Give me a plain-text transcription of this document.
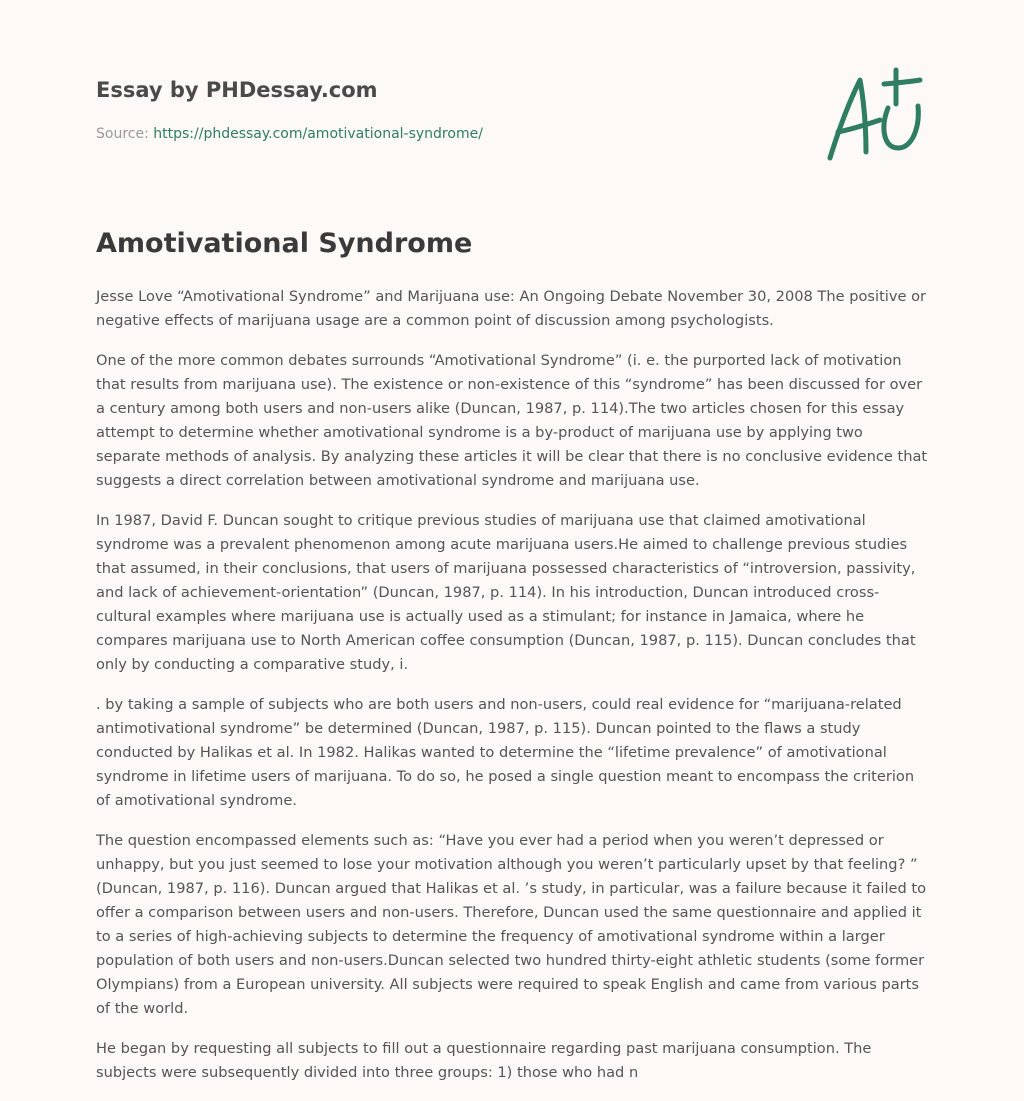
Essay by PHDessay.com
Source: https://phdessay.com/amotivational-syndrome/
Amotivational Syndrome

Jesse Love “Amotivational Syndrome” and Marijuana use: An Ongoing Debate November 30, 2008 The positive or negative effects of marijuana usage are a common point of discussion among psychologists.

One of the more common debates surrounds “Amotivational Syndrome” (i. e. the purported lack of motivation that results from marijuana use). The existence or non-existence of this “syndrome” has been discussed for over a century among both users and non-users alike (Duncan, 1987, p. 114).The two articles chosen for this essay attempt to determine whether amotivational syndrome is a by-product of marijuana use by applying two separate methods of analysis. By analyzing these articles it will be clear that there is no conclusive evidence that suggests a direct correlation between amotivational syndrome and marijuana use.

In 1987, David F. Duncan sought to critique previous studies of marijuana use that claimed amotivational syndrome was a prevalent phenomenon among acute marijuana users.He aimed to challenge previous studies that assumed, in their conclusions, that users of marijuana possessed characteristics of “introversion, passivity, and lack of achievement-orientation” (Duncan, 1987, p. 114). In his introduction, Duncan introduced cross-cultural examples where marijuana use is actually used as a stimulant; for instance in Jamaica, where he compares marijuana use to North American coffee consumption (Duncan, 1987, p. 115). Duncan concludes that only by conducting a comparative study, i.

. by taking a sample of subjects who are both users and non-users, could real evidence for “marijuana-related antimotivational syndrome” be determined (Duncan, 1987, p. 115). Duncan pointed to the flaws a study conducted by Halikas et al. In 1982. Halikas wanted to determine the “lifetime prevalence” of amotivational syndrome in lifetime users of marijuana. To do so, he posed a single question meant to encompass the criterion of amotivational syndrome.

The question encompassed elements such as: “Have you ever had a period when you weren’t depressed or unhappy, but you just seemed to lose your motivation although you weren’t particularly upset by that feeling? ” (Duncan, 1987, p. 116). Duncan argued that Halikas et al. ’s study, in particular, was a failure because it failed to offer a comparison between users and non-users. Therefore, Duncan used the same questionnaire and applied it to a series of high-achieving subjects to determine the frequency of amotivational syndrome within a larger population of both users and non-users.Duncan selected two hundred thirty-eight athletic students (some former Olympians) from a European university. All subjects were required to speak English and came from various parts of the world.

He began by requesting all subjects to fill out a questionnaire regarding past marijuana consumption. The subjects were subsequently divided into three groups: 1) those who had n
